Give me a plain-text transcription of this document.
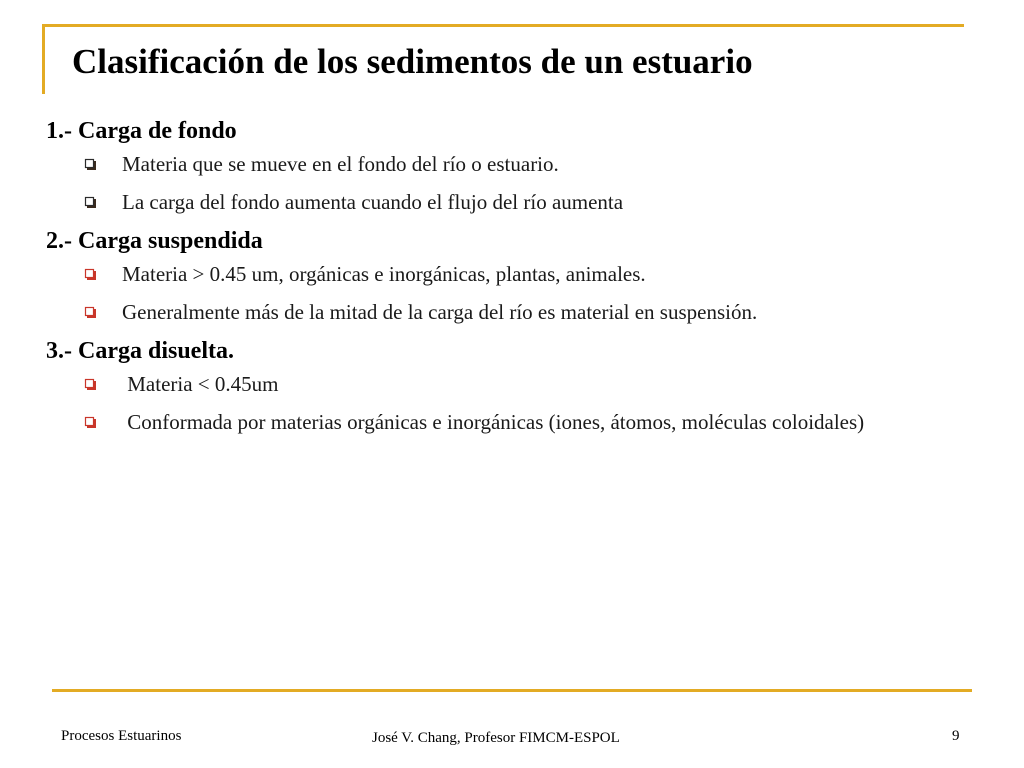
Clasificación de los sedimentos de un estuario
1.- Carga de fondo
Materia que se mueve en el fondo del río o estuario.
La carga del fondo aumenta cuando el flujo del río aumenta
2.- Carga suspendida
Materia > 0.45 um, orgánicas e inorgánicas, plantas, animales.
Generalmente más de la mitad de la carga del río es material en suspensión.
3.- Carga disuelta.
Materia < 0.45um
Conformada por materias orgánicas e inorgánicas (iones, átomos, moléculas coloidales)
Procesos Estuarinos	José V. Chang, Profesor FIMCM-ESPOL	9
